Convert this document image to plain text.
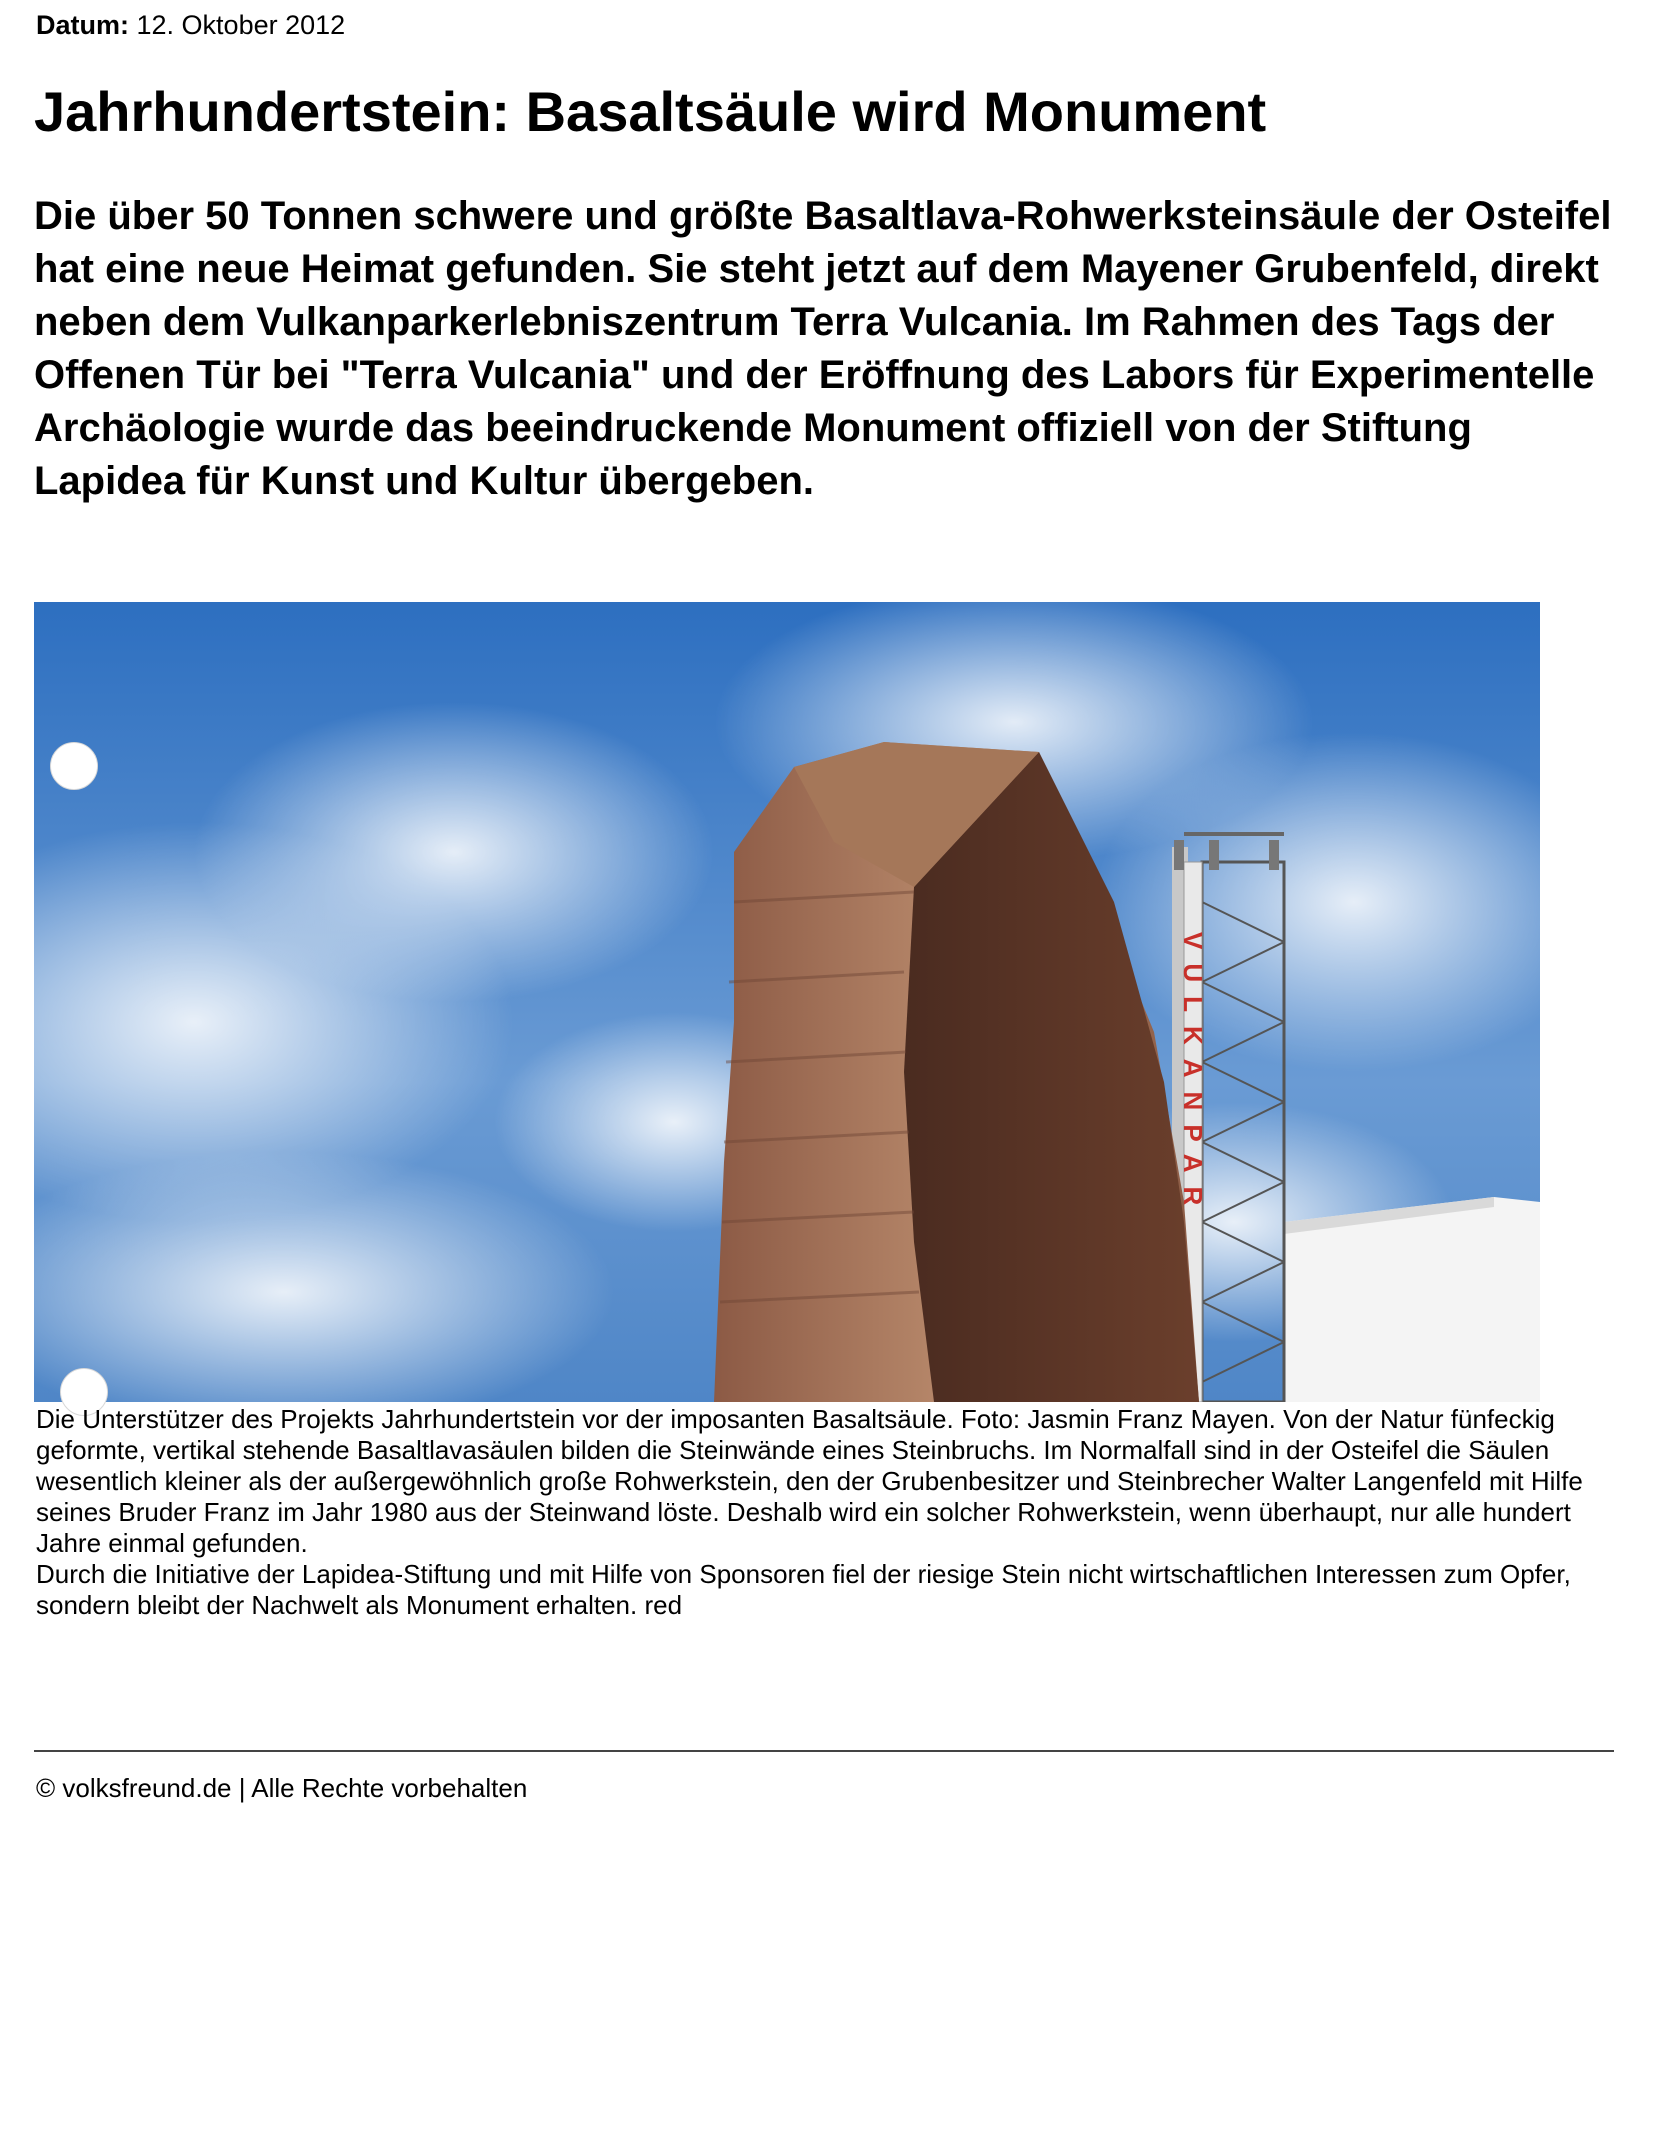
Datum: 12. Oktober 2012
Jahrhundertstein: Basaltsäule wird Monument

Die über 50 Tonnen schwere und größte Basaltlava-Rohwerksteinsäule der Osteifel hat eine neue Heimat gefunden. Sie steht jetzt auf dem Mayener Grubenfeld, direkt neben dem Vulkanparkerlebniszentrum Terra Vulcania. Im Rahmen des Tags der Offenen Tür bei "Terra Vulcania" und der Eröffnung des Labors für Experimentelle Archäologie wurde das beeindruckende Monument offiziell von der Stiftung Lapidea für Kunst und Kultur übergeben.

VULKANPAR

Die Unterstützer des Projekts Jahrhundertstein vor der imposanten Basaltsäule. Foto: Jasmin Franz Mayen. Von der Natur fünfeckig geformte, vertikal stehende Basaltlavasäulen bilden die Steinwände eines Steinbruchs. Im Normalfall sind in der Osteifel die Säulen wesentlich kleiner als der außergewöhnlich große Rohwerkstein, den der Grubenbesitzer und Steinbrecher Walter Langenfeld mit Hilfe seines Bruder Franz im Jahr 1980 aus der Steinwand löste. Deshalb wird ein solcher Rohwerkstein, wenn überhaupt, nur alle hundert Jahre einmal gefunden.

Durch die Initiative der Lapidea-Stiftung und mit Hilfe von Sponsoren fiel der riesige Stein nicht wirtschaftlichen Interessen zum Opfer, sondern bleibt der Nachwelt als Monument erhalten. red

© volksfreund.de | Alle Rechte vorbehalten
